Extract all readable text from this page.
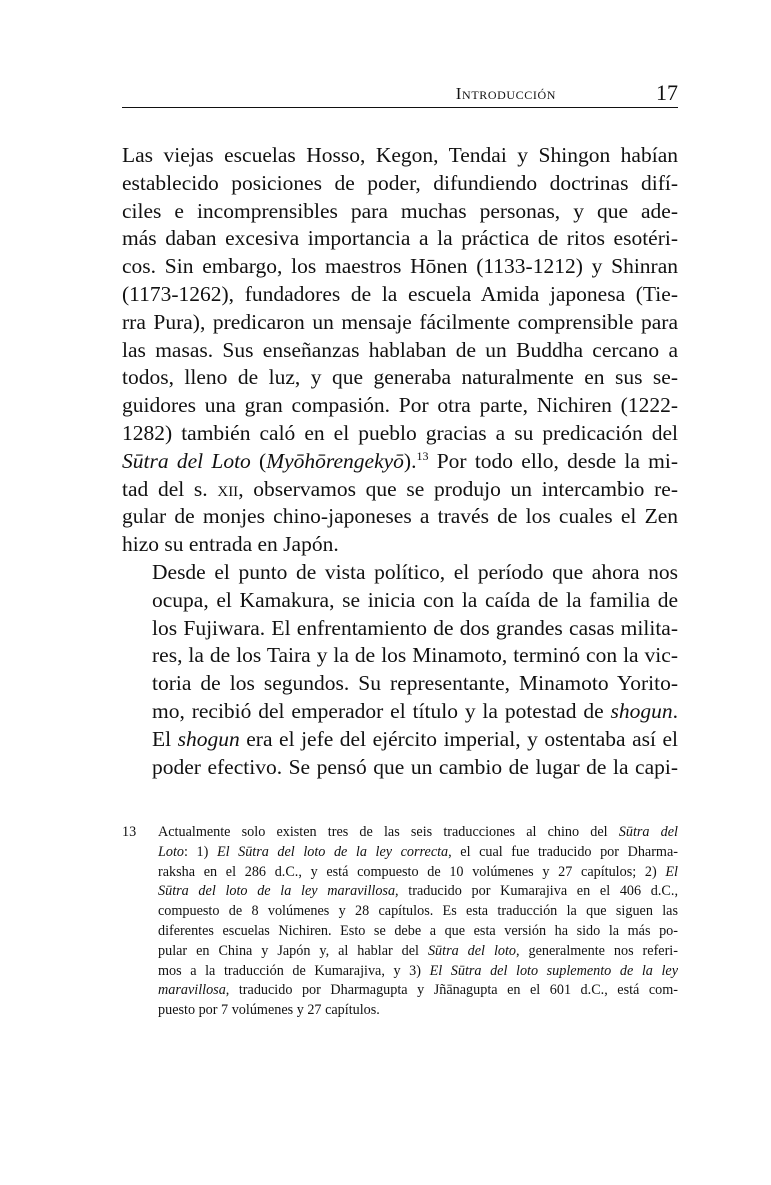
Introducción	17

Las viejas escuelas Hosso, Kegon, Tendai y Shingon habían
establecido posiciones de poder, difundiendo doctrinas difí-
ciles e incomprensibles para muchas personas, y que ade-
más daban excesiva importancia a la práctica de ritos esotéri-
cos. Sin embargo, los maestros Hōnen (1133-1212) y Shinran
(1173-1262), fundadores de la escuela Amida japonesa (Tie-
rra Pura), predicaron un mensaje fácilmente comprensible para
las masas. Sus enseñanzas hablaban de un Buddha cercano a
todos, lleno de luz, y que generaba naturalmente en sus se-
guidores una gran compasión. Por otra parte, Nichiren (1222-
1282) también caló en el pueblo gracias a su predicación del
Sūtra del Loto (Myōhōrengekyō).$^{13}$ Por todo ello, desde la mi-
tad del s. xii, observamos que se produjo un intercambio re-
gular de monjes chino-japoneses a través de los cuales el Zen
hizo su entrada en Japón.

Desde el punto de vista político, el período que ahora nos
ocupa, el Kamakura, se inicia con la caída de la familia de
los Fujiwara. El enfrentamiento de dos grandes casas milita-
res, la de los Taira y la de los Minamoto, terminó con la vic-
toria de los segundos. Su representante, Minamoto Yorito-
mo, recibió del emperador el título y la potestad de shogun.
El shogun era el jefe del ejército imperial, y ostentaba así el
poder efectivo. Se pensó que un cambio de lugar de la capi-

13 Actualmente solo existen tres de las seis traducciones al chino del Sūtra del
Loto: 1) El Sūtra del loto de la ley correcta, el cual fue traducido por Dharma-
raksha en el 286 d.C., y está compuesto de 10 volúmenes y 27 capítulos; 2) El
Sūtra del loto de la ley maravillosa, traducido por Kumarajiva en el 406 d.C.,
compuesto de 8 volúmenes y 28 capítulos. Es esta traducción la que siguen las
diferentes escuelas Nichiren. Esto se debe a que esta versión ha sido la más po-
pular en China y Japón y, al hablar del Sūtra del loto, generalmente nos referi-
mos a la traducción de Kumarajiva, y 3) El Sūtra del loto suplemento de la ley
maravillosa, traducido por Dharmagupta y Jñānagupta en el 601 d.C., está com-
puesto por 7 volúmenes y 27 capítulos.
